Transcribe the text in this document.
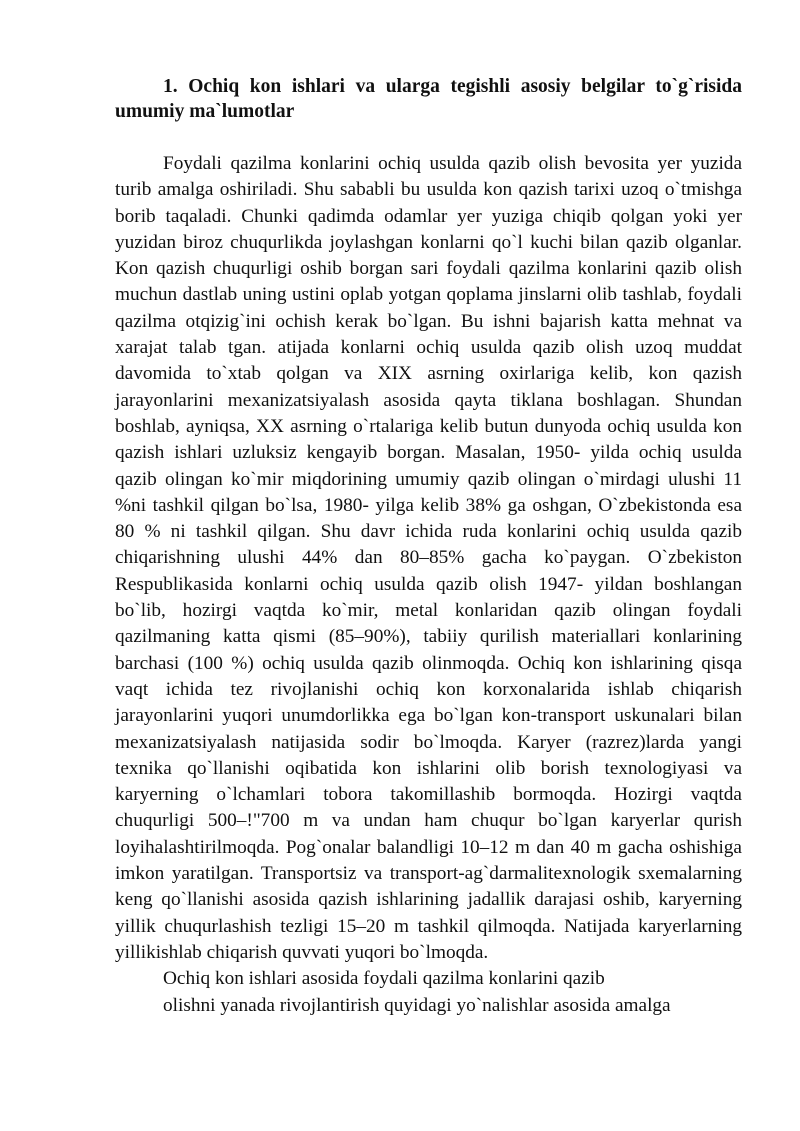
1. Ochiq kon ishlari va ularga tegishli asosiy belgilar to`g`risida umumiy ma`lumotlar

Foydali qazilma konlarini ochiq usulda qazib olish bevosita yer yuzida turib amalga oshiriladi. Shu sababli bu usulda kon qazish tarixi uzoq o`tmishga borib taqaladi. Chunki qadimda odamlar yer yuziga chiqib qolgan yoki yer yuzidan biroz chuqurlikda joylashgan konlarni qo`l kuchi bilan qazib olganlar. Kon qazish chuqurligi oshib borgan sari foydali qazilma konlarini qazib olish muchun dastlab uning ustini oplab yotgan qoplama jinslarni olib tashlab, foydali qazilma otqizig`ini ochish kerak bo`lgan. Bu ishni bajarish katta mehnat va xarajat talab tgan. atijada konlarni ochiq usulda qazib olish uzoq muddat davomida to`xtab qolgan va XIX asrning oxirlariga kelib, kon qazish jarayonlarini mexanizatsiyalash asosida qayta tiklana boshlagan. Shundan boshlab, ayniqsa, XX asrning o`rtalariga kelib butun dunyoda ochiq usulda kon qazish ishlari uzluksiz kengayib borgan. Masalan, 1950- yilda ochiq usulda qazib olingan ko`mir miqdorining umumiy qazib olingan o`mirdagi ulushi 11 %ni tashkil qilgan bo`lsa, 1980- yilga kelib 38% ga oshgan, O`zbekistonda esa 80 % ni tashkil qilgan. Shu davr ichida ruda konlarini ochiq usulda qazib chiqarishning ulushi 44% dan 80–85% gacha ko`paygan. O`zbekiston Respublikasida konlarni ochiq usulda qazib olish 1947- yildan boshlangan bo`lib, hozirgi vaqtda ko`mir, metal konlaridan qazib olingan foydali qazilmaning katta qismi (85–90%), tabiiy qurilish materiallari konlarining barchasi (100 %) ochiq usulda qazib olinmoqda. Ochiq kon ishlarining qisqa vaqt ichida tez rivojlanishi ochiq kon korxonalarida ishlab chiqarish jarayonlarini yuqori unumdorlikka ega bo`lgan kon-transport uskunalari bilan mexanizatsiyalash natijasida sodir bo`lmoqda. Karyer (razrez)larda yangi texnika qo`llanishi oqibatida kon ishlarini olib borish texnologiyasi va karyerning o`lchamlari tobora takomillashib bormoqda. Hozirgi vaqtda chuqurligi 500–!"700 m va undan ham chuqur bo`lgan karyerlar qurish loyihalashtirilmoqda. Pog`onalar balandligi 10–12 m dan 40 m gacha oshishiga imkon yaratilgan. Transportsiz va transport-ag`darmalitexnologik sxemalarning keng qo`llanishi asosida qazish ishlarining jadallik darajasi oshib, karyerning yillik chuqurlashish tezligi 15–20 m tashkil qilmoqda. Natijada karyerlarning yillikishlab chiqarish quvvati yuqori bo`lmoqda.

Ochiq kon ishlari asosida foydali qazilma konlarini qazib

olishni yanada rivojlantirish quyidagi yo`nalishlar asosida amalga
